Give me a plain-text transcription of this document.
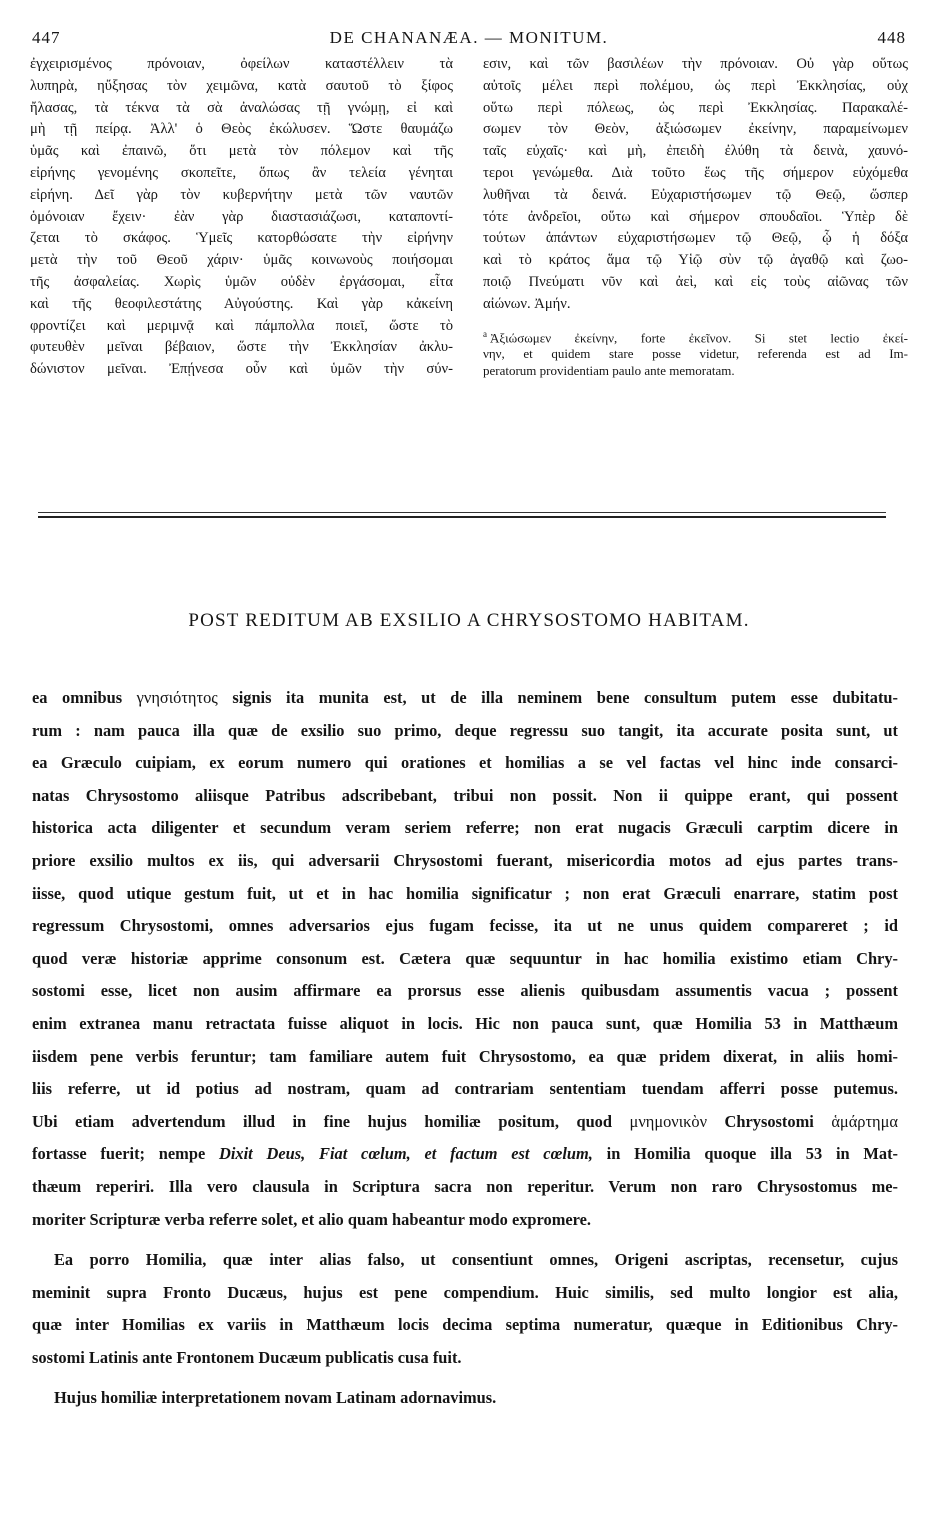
447	DE CHANANÆA. — MONITUM.	448
ἐγχειρισμένος πρόνοιαν, ὀφείλων καταστέλλειν τὰ
λυπηρὰ, ηὔξησας τὸν χειμῶνα, κατὰ σαυτοῦ τὸ ξίφος
ἤλασας, τὰ τέκνα τὰ σὰ ἀναλώσας τῇ γνώμῃ, εἰ καὶ
μὴ τῇ πείρᾳ. Ἀλλ' ὁ Θεὸς ἐκώλυσεν. Ὥστε θαυμάζω
ὑμᾶς καὶ ἐπαινῶ, ὅτι μετὰ τὸν πόλεμον καὶ τῆς
εἰρήνης γενομένης σκοπεῖτε, ὅπως ἂν τελεία γένηται
εἰρήνη. Δεῖ γὰρ τὸν κυβερνήτην μετὰ τῶν ναυτῶν
ὁμόνοιαν ἔχειν· ἐὰν γὰρ διαστασιάζωσι, καταποντί-
ζεται τὸ σκάφος. Ὑμεῖς κατορθώσατε τὴν εἰρήνην
μετὰ τὴν τοῦ Θεοῦ χάριν· ὑμᾶς κοινωνοὺς ποιήσομαι
τῆς ἀσφαλείας. Χωρὶς ὑμῶν οὐδὲν ἐργάσομαι, εἶτα
καὶ τῆς θεοφιλεστάτης Αὐγούστης. Καὶ γὰρ κἀκείνη
φροντίζει καὶ μεριμνᾷ καὶ πάμπολλα ποιεῖ, ὥστε τὸ
φυτευθὲν μεῖναι βέβαιον, ὥστε τὴν Ἐκκλησίαν ἀκλυ-
δώνιστον μεῖναι. Ἐπῄνεσα οὖν καὶ ὑμῶν τὴν σύν-
εσιν, καὶ τῶν βασιλέων τὴν πρόνοιαν. Οὐ γὰρ οὕτως
αὐτοῖς μέλει περὶ πολέμου, ὡς περὶ Ἐκκλησίας, οὐχ
οὕτω περὶ πόλεως, ὡς περὶ Ἐκκλησίας. Παρακαλέ-
σωμεν τὸν Θεὸν, ἀξιώσωμεν ἐκείνην, παραμείνωμεν
ταῖς εὐχαῖς· καὶ μὴ, ἐπειδὴ ἐλύθη τὰ δεινὰ, χαυνό-
τεροι γενώμεθα. Διὰ τοῦτο ἕως τῆς σήμερον εὐχόμεθα
λυθῆναι τὰ δεινά. Εὐχαριστήσωμεν τῷ Θεῷ, ὥσπερ
τότε ἀνδρεῖοι, οὕτω καὶ σήμερον σπουδαῖοι. Ὑπὲρ δὲ
τούτων ἁπάντων εὐχαριστήσωμεν τῷ Θεῷ, ᾧ ἡ δόξα
καὶ τὸ κράτος ἅμα τῷ Υἱῷ σὺν τῷ ἀγαθῷ καὶ ζωο-
ποιῷ Πνεύματι νῦν καὶ ἀεὶ, καὶ εἰς τοὺς αἰῶνας τῶν
αἰώνων. Ἀμήν.
$^a$ Ἀξιώσωμεν ἐκείνην, forte ἐκεῖνον. Si stet lectio ἐκεί-
νην, et quidem stare posse videtur, referenda est ad Im-
peratorum providentiam paulo ante memoratam.
POST REDITUM AB EXSILIO A CHRYSOSTOMO HABITAM.
ea omnibus γνησιότητος signis ita munita est, ut de illa neminem bene consultum putem esse dubitatu-
rum : nam pauca illa quæ de exsilio suo primo, deque regressu suo tangit, ita accurate posita sunt, ut
ea Græculo cuipiam, ex eorum numero qui orationes et homilias a se vel factas vel hinc inde consarci-
natas Chrysostomo aliisque Patribus adscribebant, tribui non possit. Non ii quippe erant, qui possent
historica acta diligenter et secundum veram seriem referre; non erat nugacis Græculi carptim dicere in
priore exsilio multos ex iis, qui adversarii Chrysostomi fuerant, misericordia motos ad ejus partes trans-
iisse, quod utique gestum fuit, ut et in hac homilia significatur ; non erat Græculi enarrare, statim post
regressum Chrysostomi, omnes adversarios ejus fugam fecisse, ita ut ne unus quidem compareret ; id
quod veræ historiæ apprime consonum est. Cætera quæ sequuntur in hac homilia existimo etiam Chry-
sostomi esse, licet non ausim affirmare ea prorsus esse alienis quibusdam assumentis vacua ; possent
enim extranea manu retractata fuisse aliquot in locis. Hic non pauca sunt, quæ Homilia 53 in Matthæum
iisdem pene verbis feruntur; tam familiare autem fuit Chrysostomo, ea quæ pridem dixerat, in aliis homi-
liis referre, ut id potius ad nostram, quam ad contrariam sententiam tuendam afferri posse putemus.
Ubi etiam advertendum illud in fine hujus homiliæ positum, quod μνημονικὸν Chrysostomi ἁμάρτημα
fortasse fuerit; nempe Dixit Deus, Fiat cœlum, et factum est cœlum, in Homilia quoque illa 53 in Mat-
thæum reperiri. Illa vero clausula in Scriptura sacra non reperitur. Verum non raro Chrysostomus me-
moriter Scripturæ verba referre solet, et alio quam habeantur modo expromere.
Ea porro Homilia, quæ inter alias falso, ut consentiunt omnes, Origeni ascriptas, recensetur, cujus
meminit supra Fronto Ducæus, hujus est pene compendium. Huic similis, sed multo longior est alia,
quæ inter Homilias ex variis in Matthæum locis decima septima numeratur, quæque in Editionibus Chry-
sostomi Latinis ante Frontonem Ducæum publicatis cusa fuit.
Hujus homiliæ interpretationem novam Latinam adornavimus.
